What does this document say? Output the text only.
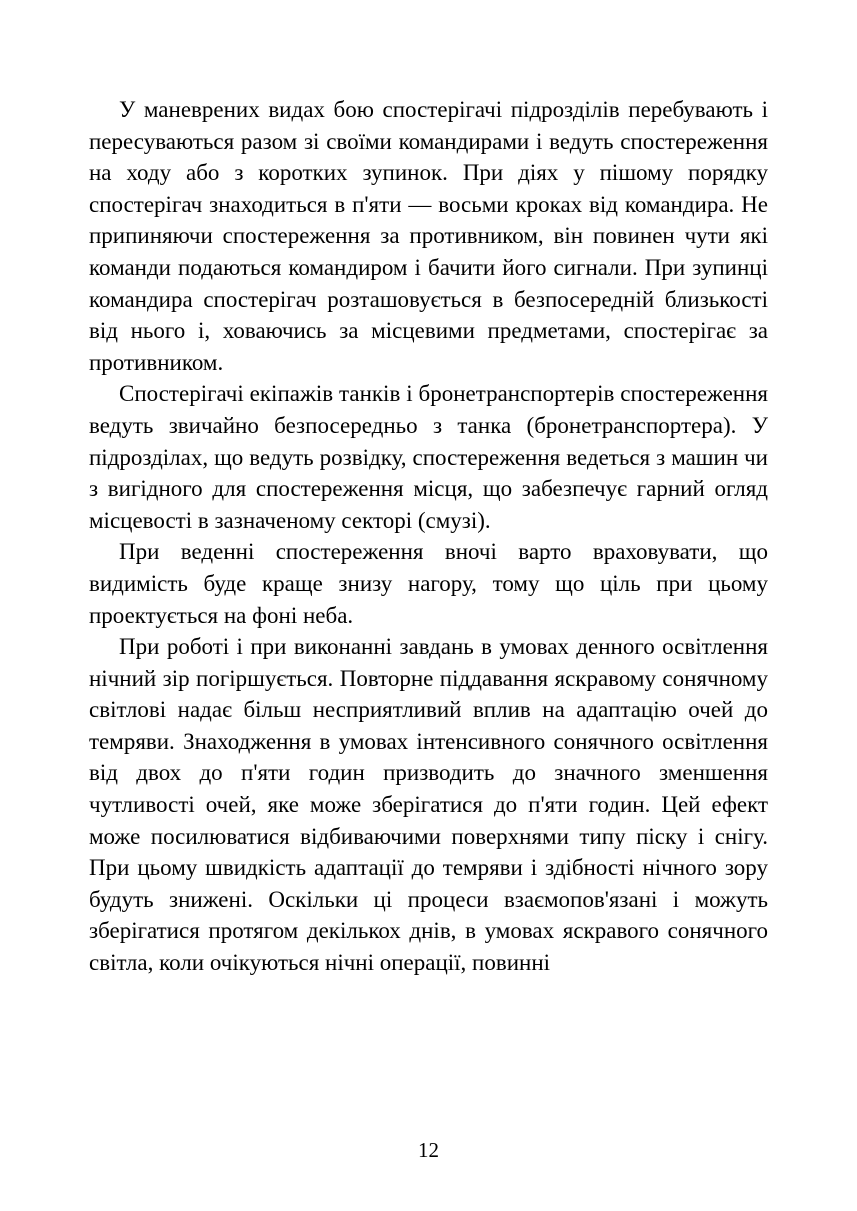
У маневрених видах бою спостерігачі підрозділів перебувають і пересуваються разом зі своїми командирами і ведуть спостереження на ходу або з коротких зупинок. При діях у пішому порядку спостерігач знаходиться в п'яти — восьми кроках від командира. Не припиняючи спостереження за противником, він повинен чути які команди подаються командиром і бачити його сигнали. При зупинці командира спостерігач розташовується в безпосередній близькості від нього і, ховаючись за місцевими предметами, спостерігає за противником.

Спостерігачі екіпажів танків і бронетранспортерів спостереження ведуть звичайно безпосередньо з танка (бронетранспортера). У підрозділах, що ведуть розвідку, спостереження ведеться з машин чи з вигідного для спостереження місця, що забезпечує гарний огляд місцевості в зазначеному секторі (смузі).

При веденні спостереження вночі варто враховувати, що видимість буде краще знизу нагору, тому що ціль при цьому проектується на фоні неба.

При роботі і при виконанні завдань в умовах денного освітлення нічний зір погіршується. Повторне піддавання яскравому сонячному світлові надає більш несприятливий вплив на адаптацію очей до темряви. Знаходження в умовах інтенсивного сонячного освітлення від двох до п'яти годин призводить до значного зменшення чутливості очей, яке може зберігатися до п'яти годин. Цей ефект може посилюватися відбиваючими поверхнями типу піску і снігу. При цьому швидкість адаптації до темряви і здібності нічного зору будуть знижені. Оскільки ці процеси взаємопов'язані і можуть зберігатися протягом декількох днів, в умовах яскравого сонячного світла, коли очікуються нічні операції, повинні

12
